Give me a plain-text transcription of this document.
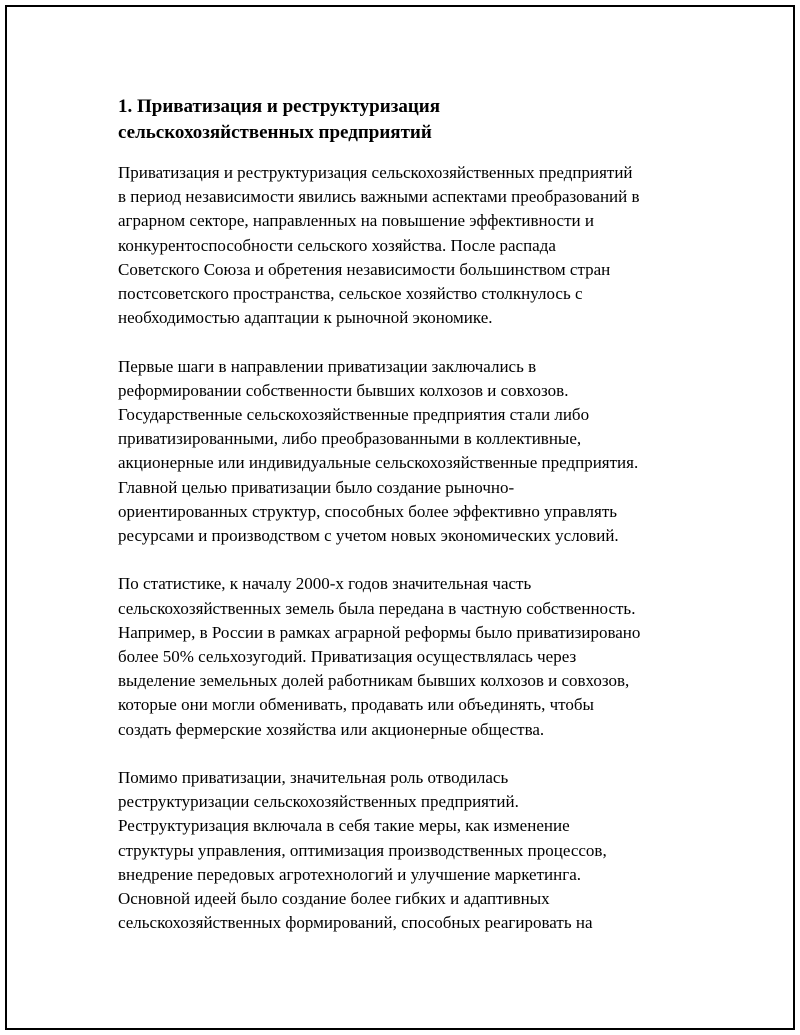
1. Приватизация и реструктуризация сельскохозяйственных предприятий
Приватизация и реструктуризация сельскохозяйственных предприятий
в период независимости явились важными аспектами преобразований в
аграрном секторе, направленных на повышение эффективности и
конкурентоспособности сельского хозяйства. После распада
Советского Союза и обретения независимости большинством стран
постсоветского пространства, сельское хозяйство столкнулось с
необходимостью адаптации к рыночной экономике.
Первые шаги в направлении приватизации заключались в
реформировании собственности бывших колхозов и совхозов.
Государственные сельскохозяйственные предприятия стали либо
приватизированными, либо преобразованными в коллективные,
акционерные или индивидуальные сельскохозяйственные предприятия.
Главной целью приватизации было создание рыночно-
ориентированных структур, способных более эффективно управлять
ресурсами и производством с учетом новых экономических условий.
По статистике, к началу 2000-х годов значительная часть
сельскохозяйственных земель была передана в частную собственность.
Например, в России в рамках аграрной реформы было приватизировано
более 50% сельхозугодий. Приватизация осуществлялась через
выделение земельных долей работникам бывших колхозов и совхозов,
которые они могли обменивать, продавать или объединять, чтобы
создать фермерские хозяйства или акционерные общества.
Помимо приватизации, значительная роль отводилась
реструктуризации сельскохозяйственных предприятий.
Реструктуризация включала в себя такие меры, как изменение
структуры управления, оптимизация производственных процессов,
внедрение передовых агротехнологий и улучшение маркетинга.
Основной идеей было создание более гибких и адаптивных
сельскохозяйственных формирований, способных реагировать на
